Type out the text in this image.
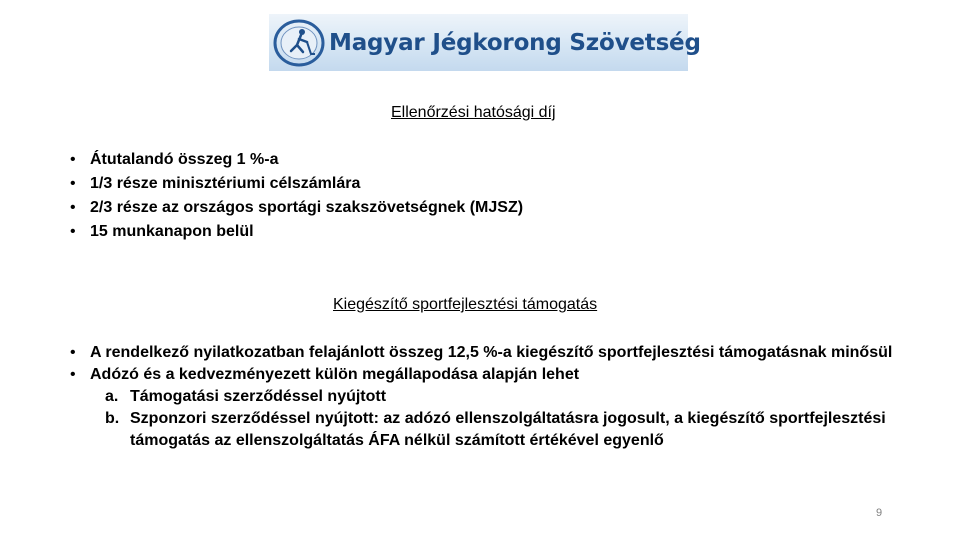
Magyar Jégkorong Szövetség
Ellenőrzési hatósági díj
• Átutalandó összeg 1 %-a
• 1/3 része minisztériumi célszámlára
• 2/3 része az országos sportági szakszövetségnek (MJSZ)
• 15 munkanapon belül
Kiegészítő sportfejlesztési támogatás
• A rendelkező nyilatkozatban felajánlott összeg 12,5 %-a kiegészítő sportfejlesztési támogatásnak minősül
• Adózó és a kedvezményezett külön megállapodása alapján lehet
a. Támogatási szerződéssel nyújtott
b. Szponzori szerződéssel nyújtott: az adózó ellenszolgáltatásra jogosult, a kiegészítő sportfejlesztési támogatás az ellenszolgáltatás ÁFA nélkül számított értékével egyenlő
9
